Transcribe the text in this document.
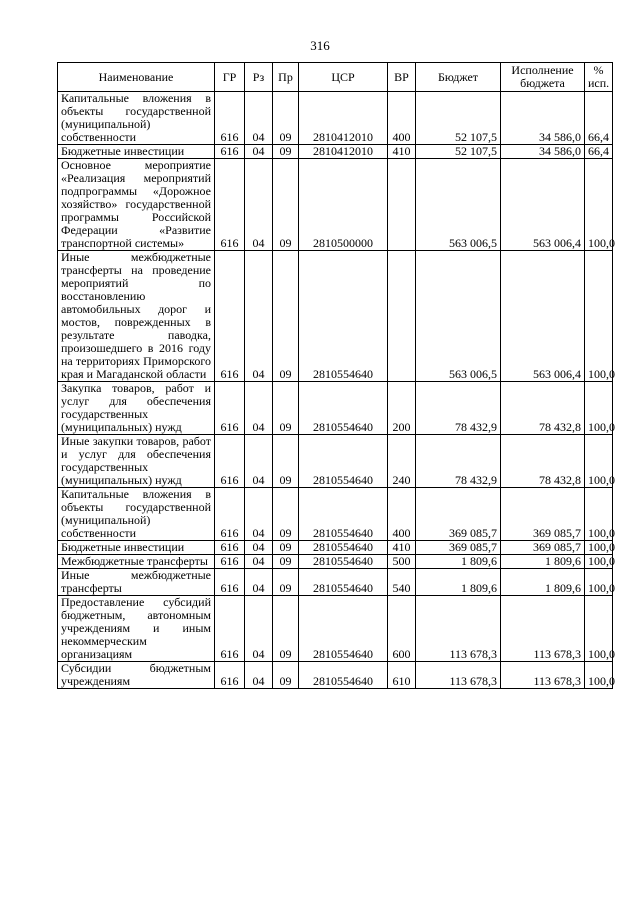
316
Наименование	ГР	Рз	Пр	ЦСР	ВР	Бюджет	Исполнение бюджета	% исп.

Капитальные вложения в объекты государственной (муниципальной) собственности	616	04	09	2810412010	400	52 107,5	34 586,0	66,4

Бюджетные инвестиции	616	04	09	2810412010	410	52 107,5	34 586,0	66,4

Основное мероприятие «Реализация мероприятий подпрограммы «Дорожное хозяйство» государственной программы Российской Федерации «Развитие транспортной системы»	616	04	09	2810500000		563 006,5	563 006,4	100,0

Иные межбюджетные трансферты на проведение мероприятий по восстановлению автомобильных дорог и мостов, поврежденных в результате паводка, произошедшего в 2016 году на территориях Приморского края и Магаданской области	616	04	09	2810554640		563 006,5	563 006,4	100,0

Закупка товаров, работ и услуг для обеспечения государственных (муниципальных) нужд	616	04	09	2810554640	200	78 432,9	78 432,8	100,0

Иные закупки товаров, работ и услуг для обеспечения государственных (муниципальных) нужд	616	04	09	2810554640	240	78 432,9	78 432,8	100,0

Капитальные вложения в объекты государственной (муниципальной) собственности	616	04	09	2810554640	400	369 085,7	369 085,7	100,0

Бюджетные инвестиции	616	04	09	2810554640	410	369 085,7	369 085,7	100,0

Межбюджетные трансферты	616	04	09	2810554640	500	1 809,6	1 809,6	100,0

Иные межбюджетные трансферты	616	04	09	2810554640	540	1 809,6	1 809,6	100,0

Предоставление субсидий бюджетным, автономным учреждениям и иным некоммерческим организациям	616	04	09	2810554640	600	113 678,3	113 678,3	100,0

Субсидии бюджетным учреждениям	616	04	09	2810554640	610	113 678,3	113 678,3	100,0
